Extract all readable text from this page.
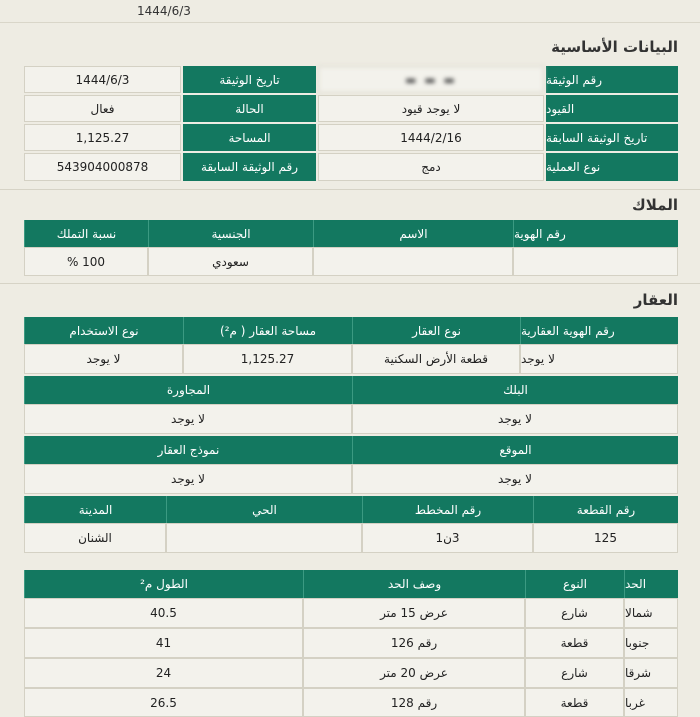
1444/6/3
البيانات الأساسية
رقم الوثيقة
▬ ▬ ▬
تاريخ الوثيقة
1444/6/3
القيود
لا يوجد قيود
الحالة
فعال
تاريخ الوثيقة السابقة
1444/2/16
المساحة
1,125.27
نوع العملية
دمج
رقم الوثيقة السابقة
543904000878
الملاك
رقم الهوية
الاسم
الجنسية
نسبة التملك
سعودي
100 %
العقار
رقم الهوية العقارية
نوع العقار
مساحة العقار ( م²)
نوع الاستخدام
لا يوجد
قطعة الأرض السكنية
1,125.27
لا يوجد
البلك
المجاورة
لا يوجد
لا يوجد
الموقع
نموذج العقار
لا يوجد
لا يوجد
رقم القطعة
رقم المخطط
الحي
المدينة
125
3ن1
الشنان
الحد
النوع
وصف الحد
الطول م²
شمالا
شارع
عرض 15 متر
40.5
جنوبا
قطعة
رقم 126
41
شرقا
شارع
عرض 20 متر
24
غربا
قطعة
رقم 128
26.5
